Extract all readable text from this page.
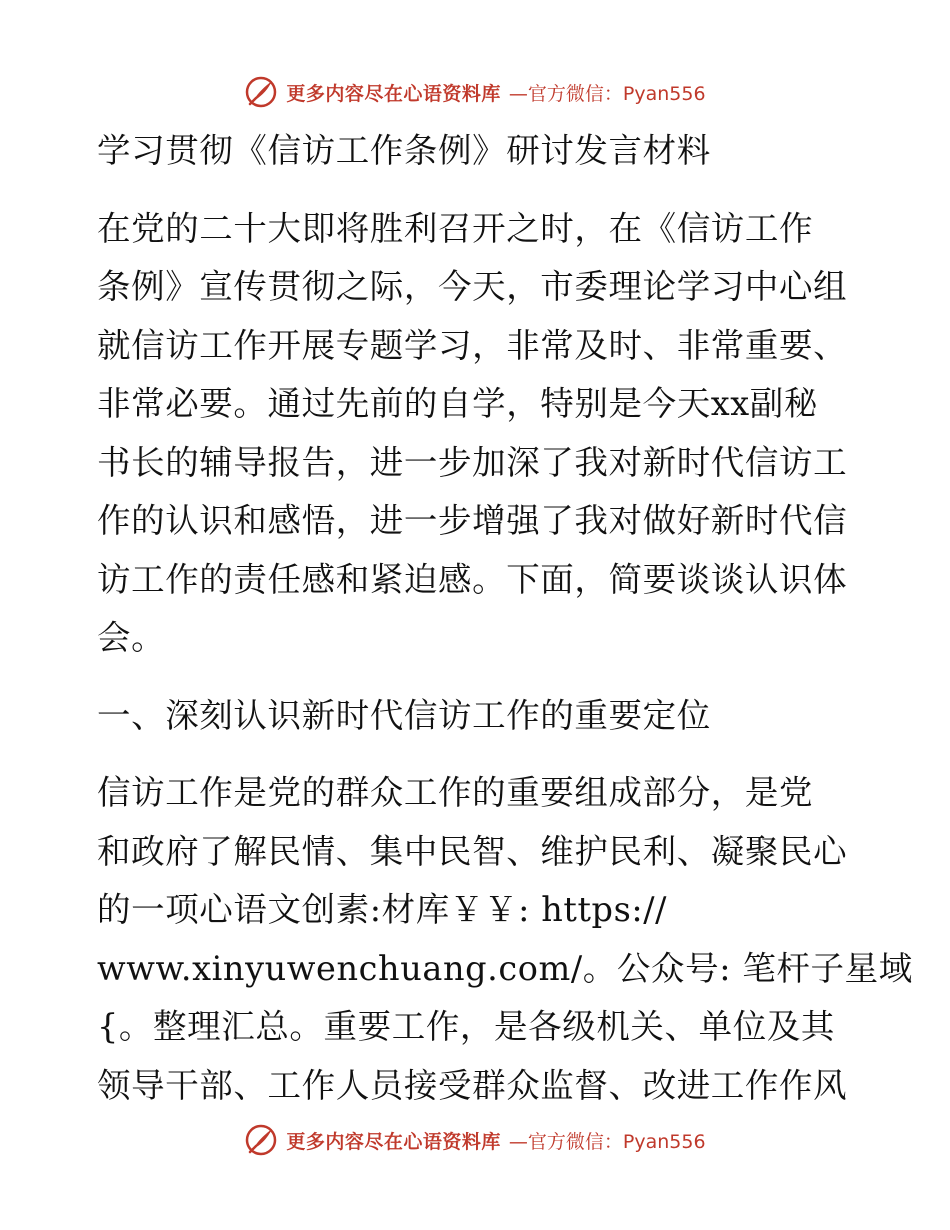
更多内容尽在心语资料库 —官方微信：Pyan556
学习贯彻《信访工作条例》研讨发言材料
在党的二十大即将胜利召开之时，在《信访工作
条例》宣传贯彻之际，今天，市委理论学习中心组
就信访工作开展专题学习，非常及时、非常重要、
非常必要。通过先前的自学，特别是今天xx副秘
书长的辅导报告，进一步加深了我对新时代信访工
作的认识和感悟，进一步增强了我对做好新时代信
访工作的责任感和紧迫感。下面，简要谈谈认识体
会。
一、深刻认识新时代信访工作的重要定位
信访工作是党的群众工作的重要组成部分，是党
和政府了解民情、集中民智、维护民利、凝聚民心
的一项心语文创素:材库￥￥: https://
www.xinyuwenchuang.com/。公众号: 笔杆子星域
{。整理汇总。重要工作，是各级机关、单位及其
领导干部、工作人员接受群众监督、改进工作作风
更多内容尽在心语资料库 —官方微信：Pyan556
